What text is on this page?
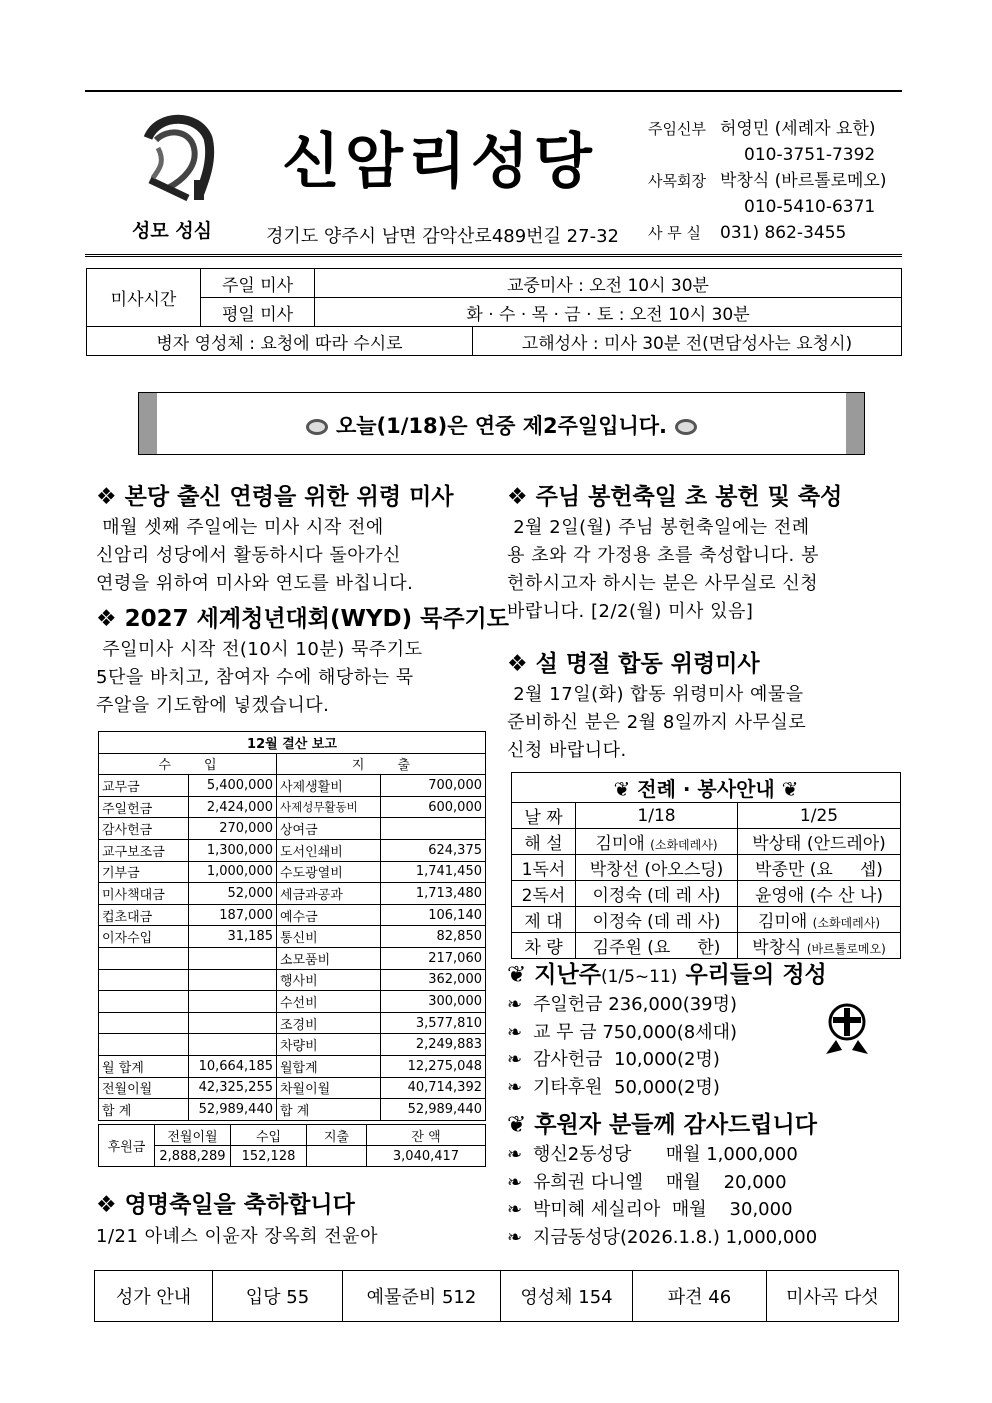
성모 성심
신암리성당
경기도 양주시 남면 감악산로489번길 27-32
주임신부 허영민 (세례자 요한)
010-3751-7392
사목회장 박창식 (바르톨로메오)
010-5410-6371
사 무 실 031) 862-3455
미사시간	주일 미사	교중미사 : 오전 10시 30분	
	평일 미사	화 · 수 · 목 · 금 · 토 : 오전 10시 30분	
병자 영성체 : 요청에 따라 수시로			고해성사 : 미사 30분 전(면담성사는 요청시)
오늘(1/18)은 연중 제2주일입니다.
❖ 본당 출신 연령을 위한 위령 미사
매월 셋째 주일에는 미사 시작 전에
신암리 성당에서 활동하시다 돌아가신
연령을 위하여 미사와 연도를 바칩니다.
❖ 2027 세계청년대회(WYD) 묵주기도
주일미사 시작 전(10시 10분) 묵주기도
5단을 바치고, 참여자 수에 해당하는 묵
주알을 기도함에 넣겠습니다.
12월 결산 보고			
수        입		지        출	
교무금	5,400,000	사제생활비	700,000
주일헌금	2,424,000	사제성무활동비	600,000
감사헌금	270,000	상여금	
교구보조금	1,300,000	도서인쇄비	624,375
기부금	1,000,000	수도광열비	1,741,450
미사책대금	52,000	세금과공과	1,713,480
컵초대금	187,000	예수금	106,140
이자수입	31,185	통신비	82,850
		소모품비	217,060
		행사비	362,000
		수선비	300,000
		조경비	3,577,810
		차량비	2,249,883
월 합계	10,664,185	월합계	12,275,048
전월이월	42,325,255	차월이월	40,714,392
합 계	52,989,440	합 계	52,989,440
후원금	전월이월	수입	지출	잔 액
	2,888,289	152,128		3,040,417
❖ 영명축일을 축하합니다
1/21 아녜스 이윤자 장옥희 전윤아
❖ 주님 봉헌축일 초 봉헌 및 축성
2월 2일(월) 주님 봉헌축일에는 전례
용 초와 각 가정용 초를 축성합니다. 봉
헌하시고자 하시는 분은 사무실로 신청
바랍니다. [2/2(월) 미사 있음]
❖ 설 명절 합동 위령미사
2월 17일(화) 합동 위령미사 예물을
준비하신 분은 2월 8일까지 사무실로
신청 바랍니다.
❦ 전례 · 봉사안내 ❦		
날 짜	1/18	1/25
해 설	김미애 (소화데레사)	박상태 (안드레아)
1독서	박창선 (아오스딩)	박종만 (요     셉)
2독서	이정숙 (데 레 사)	윤영애 (수 산 나)
제 대	이정숙 (데 레 사)	김미애 (소화데레사)
차 량	김주원 (요     한)	박창식 (바르톨로메오)
❦ 지난주(1/5~11) 우리들의 정성
❧ 주일헌금 236,000(39명)
❧ 교 무 금 750,000(8세대)
❧ 감사헌금  10,000(2명)
❧ 기타후원  50,000(2명)
❦ 후원자 분들께 감사드립니다
❧ 행신2동성당      매월 1,000,000
❧ 유희권 다니엘    매월    20,000
❧ 박미혜 세실리아  매월    30,000
❧ 지금동성당(2026.1.8.) 1,000,000
성가 안내	입당 55	예물준비 512	영성체 154	파견 46	미사곡 다섯
